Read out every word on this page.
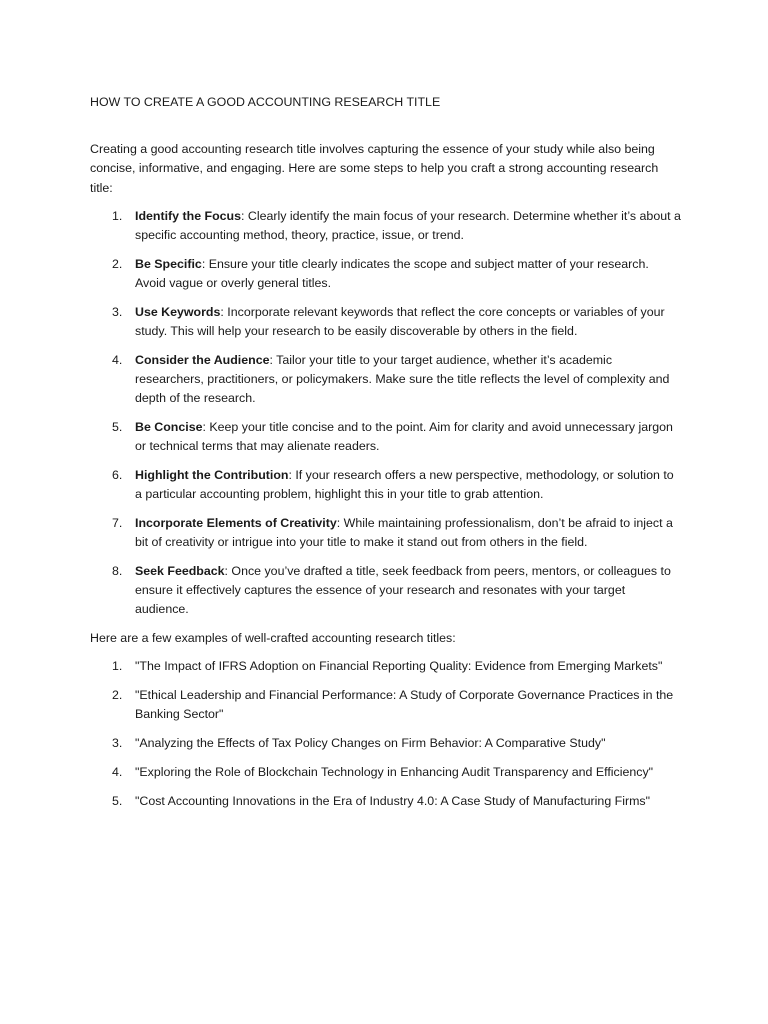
HOW TO CREATE A GOOD ACCOUNTING RESEARCH TITLE

Creating a good accounting research title involves capturing the essence of your study while also being concise, informative, and engaging. Here are some steps to help you craft a strong accounting research title:

1. Identify the Focus: Clearly identify the main focus of your research. Determine whether it’s about a specific accounting method, theory, practice, issue, or trend.
2. Be Specific: Ensure your title clearly indicates the scope and subject matter of your research. Avoid vague or overly general titles.
3. Use Keywords: Incorporate relevant keywords that reflect the core concepts or variables of your study. This will help your research to be easily discoverable by others in the field.
4. Consider the Audience: Tailor your title to your target audience, whether it’s academic researchers, practitioners, or policymakers. Make sure the title reflects the level of complexity and depth of the research.
5. Be Concise: Keep your title concise and to the point. Aim for clarity and avoid unnecessary jargon or technical terms that may alienate readers.
6. Highlight the Contribution: If your research offers a new perspective, methodology, or solution to a particular accounting problem, highlight this in your title to grab attention.
7. Incorporate Elements of Creativity: While maintaining professionalism, don’t be afraid to inject a bit of creativity or intrigue into your title to make it stand out from others in the field.
8. Seek Feedback: Once you’ve drafted a title, seek feedback from peers, mentors, or colleagues to ensure it effectively captures the essence of your research and resonates with your target audience.

Here are a few examples of well-crafted accounting research titles:

1. "The Impact of IFRS Adoption on Financial Reporting Quality: Evidence from Emerging Markets"
2. "Ethical Leadership and Financial Performance: A Study of Corporate Governance Practices in the Banking Sector"
3. "Analyzing the Effects of Tax Policy Changes on Firm Behavior: A Comparative Study"
4. "Exploring the Role of Blockchain Technology in Enhancing Audit Transparency and Efficiency"
5. "Cost Accounting Innovations in the Era of Industry 4.0: A Case Study of Manufacturing Firms"
